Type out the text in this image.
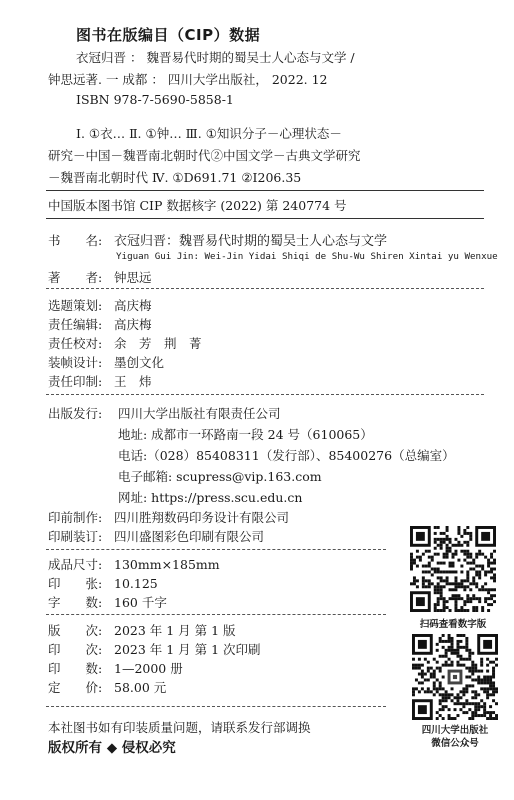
图书在版编目（CIP）数据
衣冠归晋 ： 魏晋易代时期的蜀吴士人心态与文学 /
钟思远著. 一 成都 ： 四川大学出版社， 2022. 12
ISBN 978-7-5690-5858-1
Ⅰ. ①衣… Ⅱ. ①钟… Ⅲ. ①知识分子－心理状态－
研究－中国－魏晋南北朝时代②中国文学－古典文学研究
－魏晋南北朝时代 Ⅳ. ①D691.71 ②I206.35
中国版本图书馆 CIP 数据核字 (2022) 第 240774 号
书　　名: 衣冠归晋：魏晋易代时期的蜀吴士人心态与文学
Yiguan Gui Jin: Wei-Jin Yidai Shiqi de Shu-Wu Shiren Xintai yu Wenxue
著　　者: 钟思远
选题策划: 高庆梅
责任编辑: 高庆梅
责任校对: 余　芳　荆　菁
装帧设计: 墨创文化
责任印制: 王　炜
出版发行: 四川大学出版社有限责任公司
地址: 成都市一环路南一段 24 号（610065）
电话:（028）85408311（发行部）、85400276（总编室）
电子邮箱: scupress@vip.163.com
网址: https://press.scu.edu.cn
印前制作: 四川胜翔数码印务设计有限公司
印刷装订: 四川盛图彩色印刷有限公司
成品尺寸: 130mm×185mm
印　　张: 10.125
字　　数: 160 千字
版　　次: 2023 年 1 月 第 1 版
印　　次: 2023 年 1 月 第 1 次印刷
印　　数: 1—2000 册
定　　价: 58.00 元
本社图书如有印装质量问题，请联系发行部调换
版权所有 ◆ 侵权必究
扫码查看数字版
四川大学出版社
微信公众号
